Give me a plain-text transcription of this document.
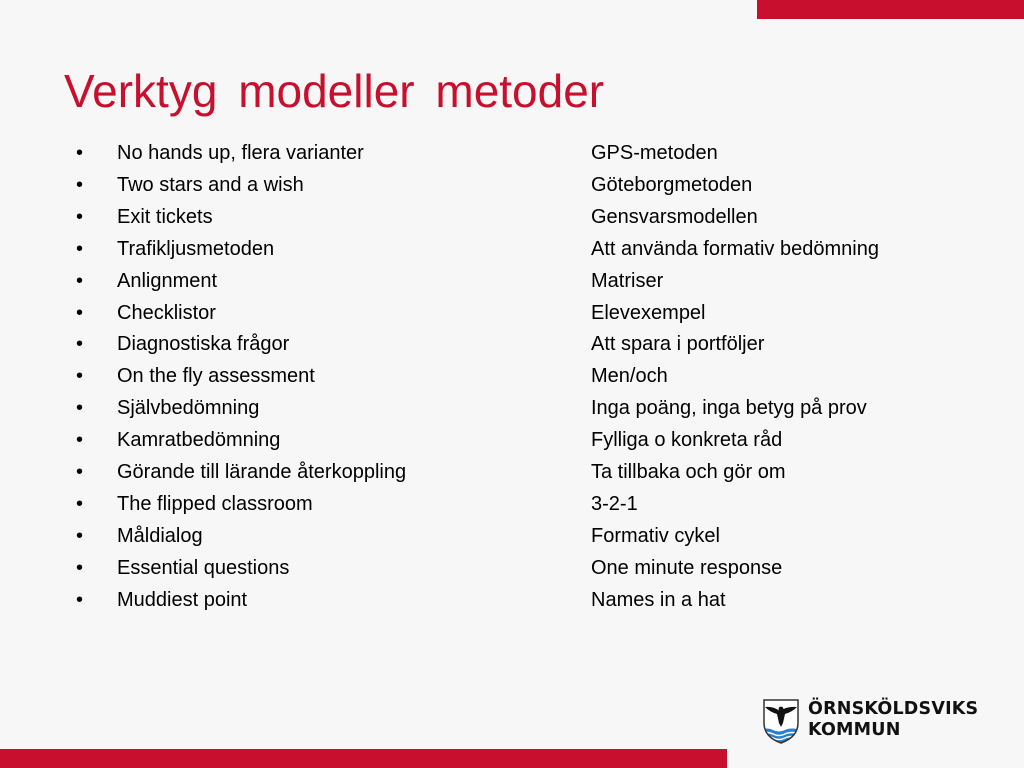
Verktyg modeller metoder
• No hands up, flera varianter
• Two stars and a wish
• Exit tickets
• Trafikljusmetoden
• Anlignment
• Checklistor
• Diagnostiska frågor
• On the fly assessment
• Självbedömning
• Kamratbedömning
• Görande till lärande återkoppling
• The flipped classroom
• Måldialog
• Essential questions
• Muddiest point
GPS-metoden
Göteborgmetoden
Gensvarsmodellen
Att använda formativ bedömning
Matriser
Elevexempel
Att spara i portföljer
Men/och
Inga poäng, inga betyg på prov
Fylliga o konkreta råd
Ta tillbaka och gör om
3-2-1
Formativ cykel
One minute response
Names in a hat
ÖRNSKÖLDSVIKS
KOMMUN
